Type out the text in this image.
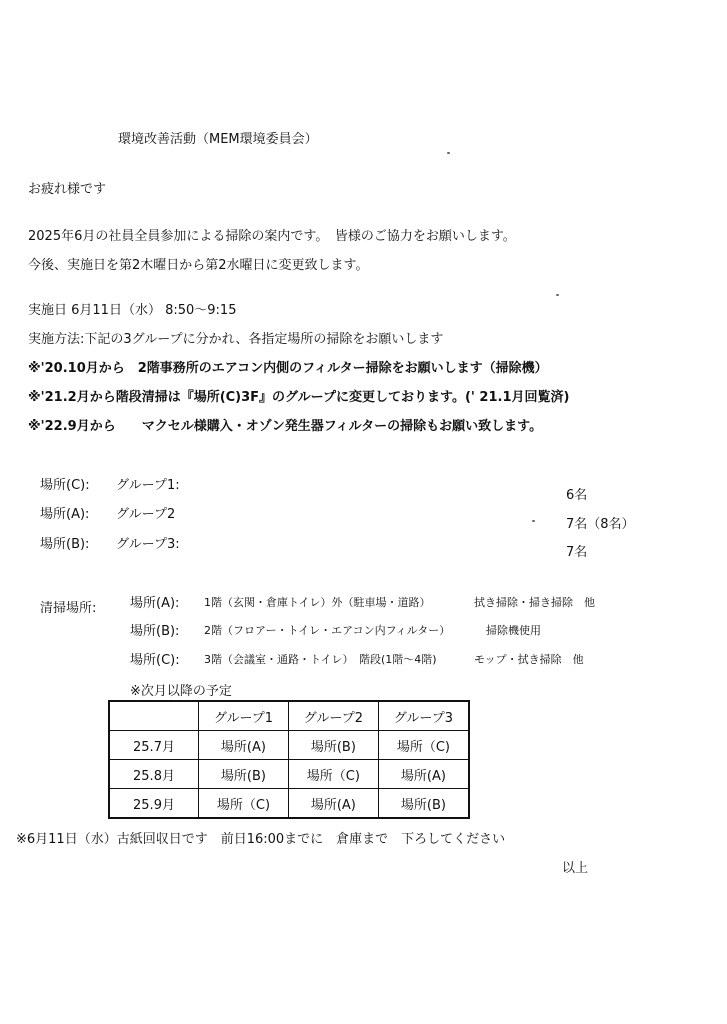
環境改善活動（MEM環境委員会）
お疲れ様です
2025年6月の社員全員参加による掃除の案内です。　皆様のご協力をお願いします。
今後、実施日を第2木曜日から第2水曜日に変更致します。
実施日 6月11日（水） 8:50～9:15
実施方法:下記の3グループに分かれ、各指定場所の掃除をお願いします
※'20.10月から　2階事務所のエアコン内側のフィルター掃除をお願いします（掃除機）
※'21.2月から階段清掃は『場所(C)3F』のグループに変更しております。(' 21.1月回覧済)
※'22.9月から　　マクセル様購入・オゾン発生器フィルターの掃除もお願い致します。
場所(C): グループ1:
6名
場所(A): グループ2
7名（8名）
場所(B): グループ3:
7名
清掃場所:	場所(A): 1階（玄関・倉庫トイレ）外（駐車場・道路）	拭き掃除・掃き掃除　他
場所(B): 2階（フロアー・トイレ・エアコン内フィルター）	掃除機使用
場所(C): 3階（会議室・通路・トイレ）　階段(1階～4階)	モップ・拭き掃除　他
※次月以降の予定
	グループ1	グループ2	グループ3
25.7月	場所(A)	場所(B)	場所（C)
25.8月	場所(B)	場所（C)	場所(A)
25.9月	場所（C)	場所(A)	場所(B)
※6月11日（水）古紙回収日です　前日16:00までに　倉庫まで　下ろしてください
以上
